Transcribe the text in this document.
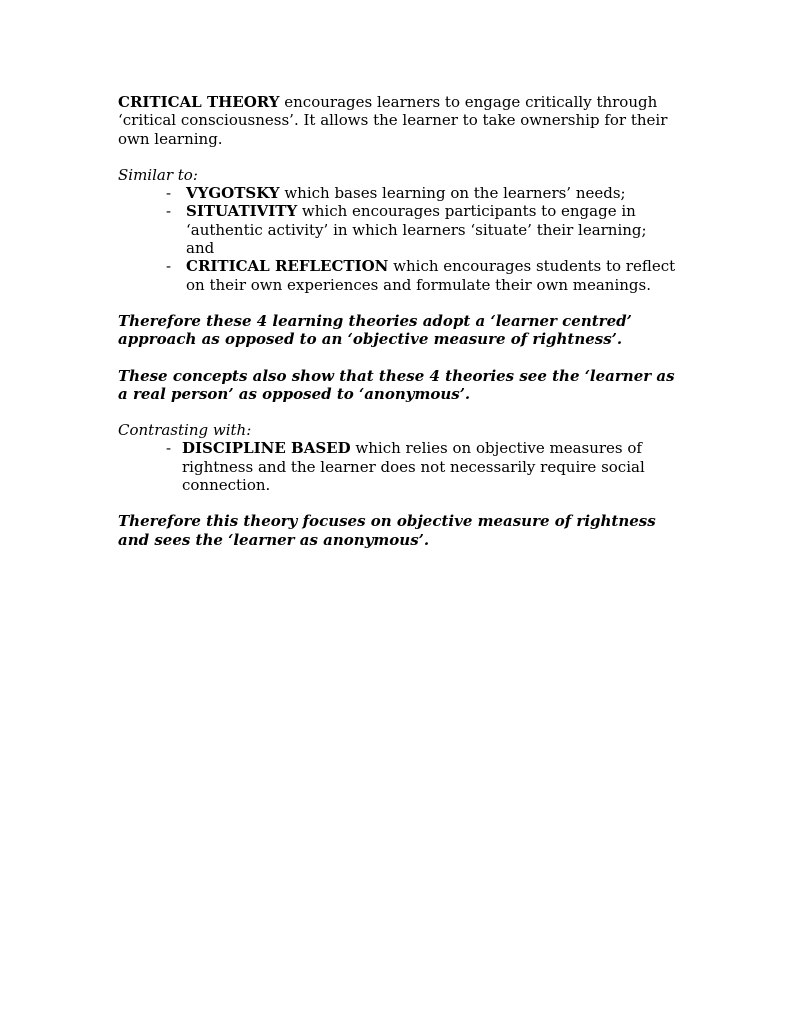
CRITICAL THEORY encourages learners to engage critically through ‘critical consciousness’. It allows the learner to take ownership for their own learning.

Similar to:

- VYGOTSKY which bases learning on the learners’ needs;
- SITUATIVITY which encourages participants to engage in ‘authentic activity’ in which learners ‘situate’ their learning; and
- CRITICAL REFLECTION which encourages students to reflect on their own experiences and formulate their own meanings.

Therefore these 4 learning theories adopt a ‘learner centred’ approach as opposed to an ‘objective measure of rightness’.

These concepts also show that these 4 theories see the ‘learner as a real person’ as opposed to ‘anonymous’.

Contrasting with:

- DISCIPLINE BASED which relies on objective measures of rightness and the learner does not necessarily require social connection.

Therefore this theory focuses on objective measure of rightness and sees the ‘learner as anonymous’.
